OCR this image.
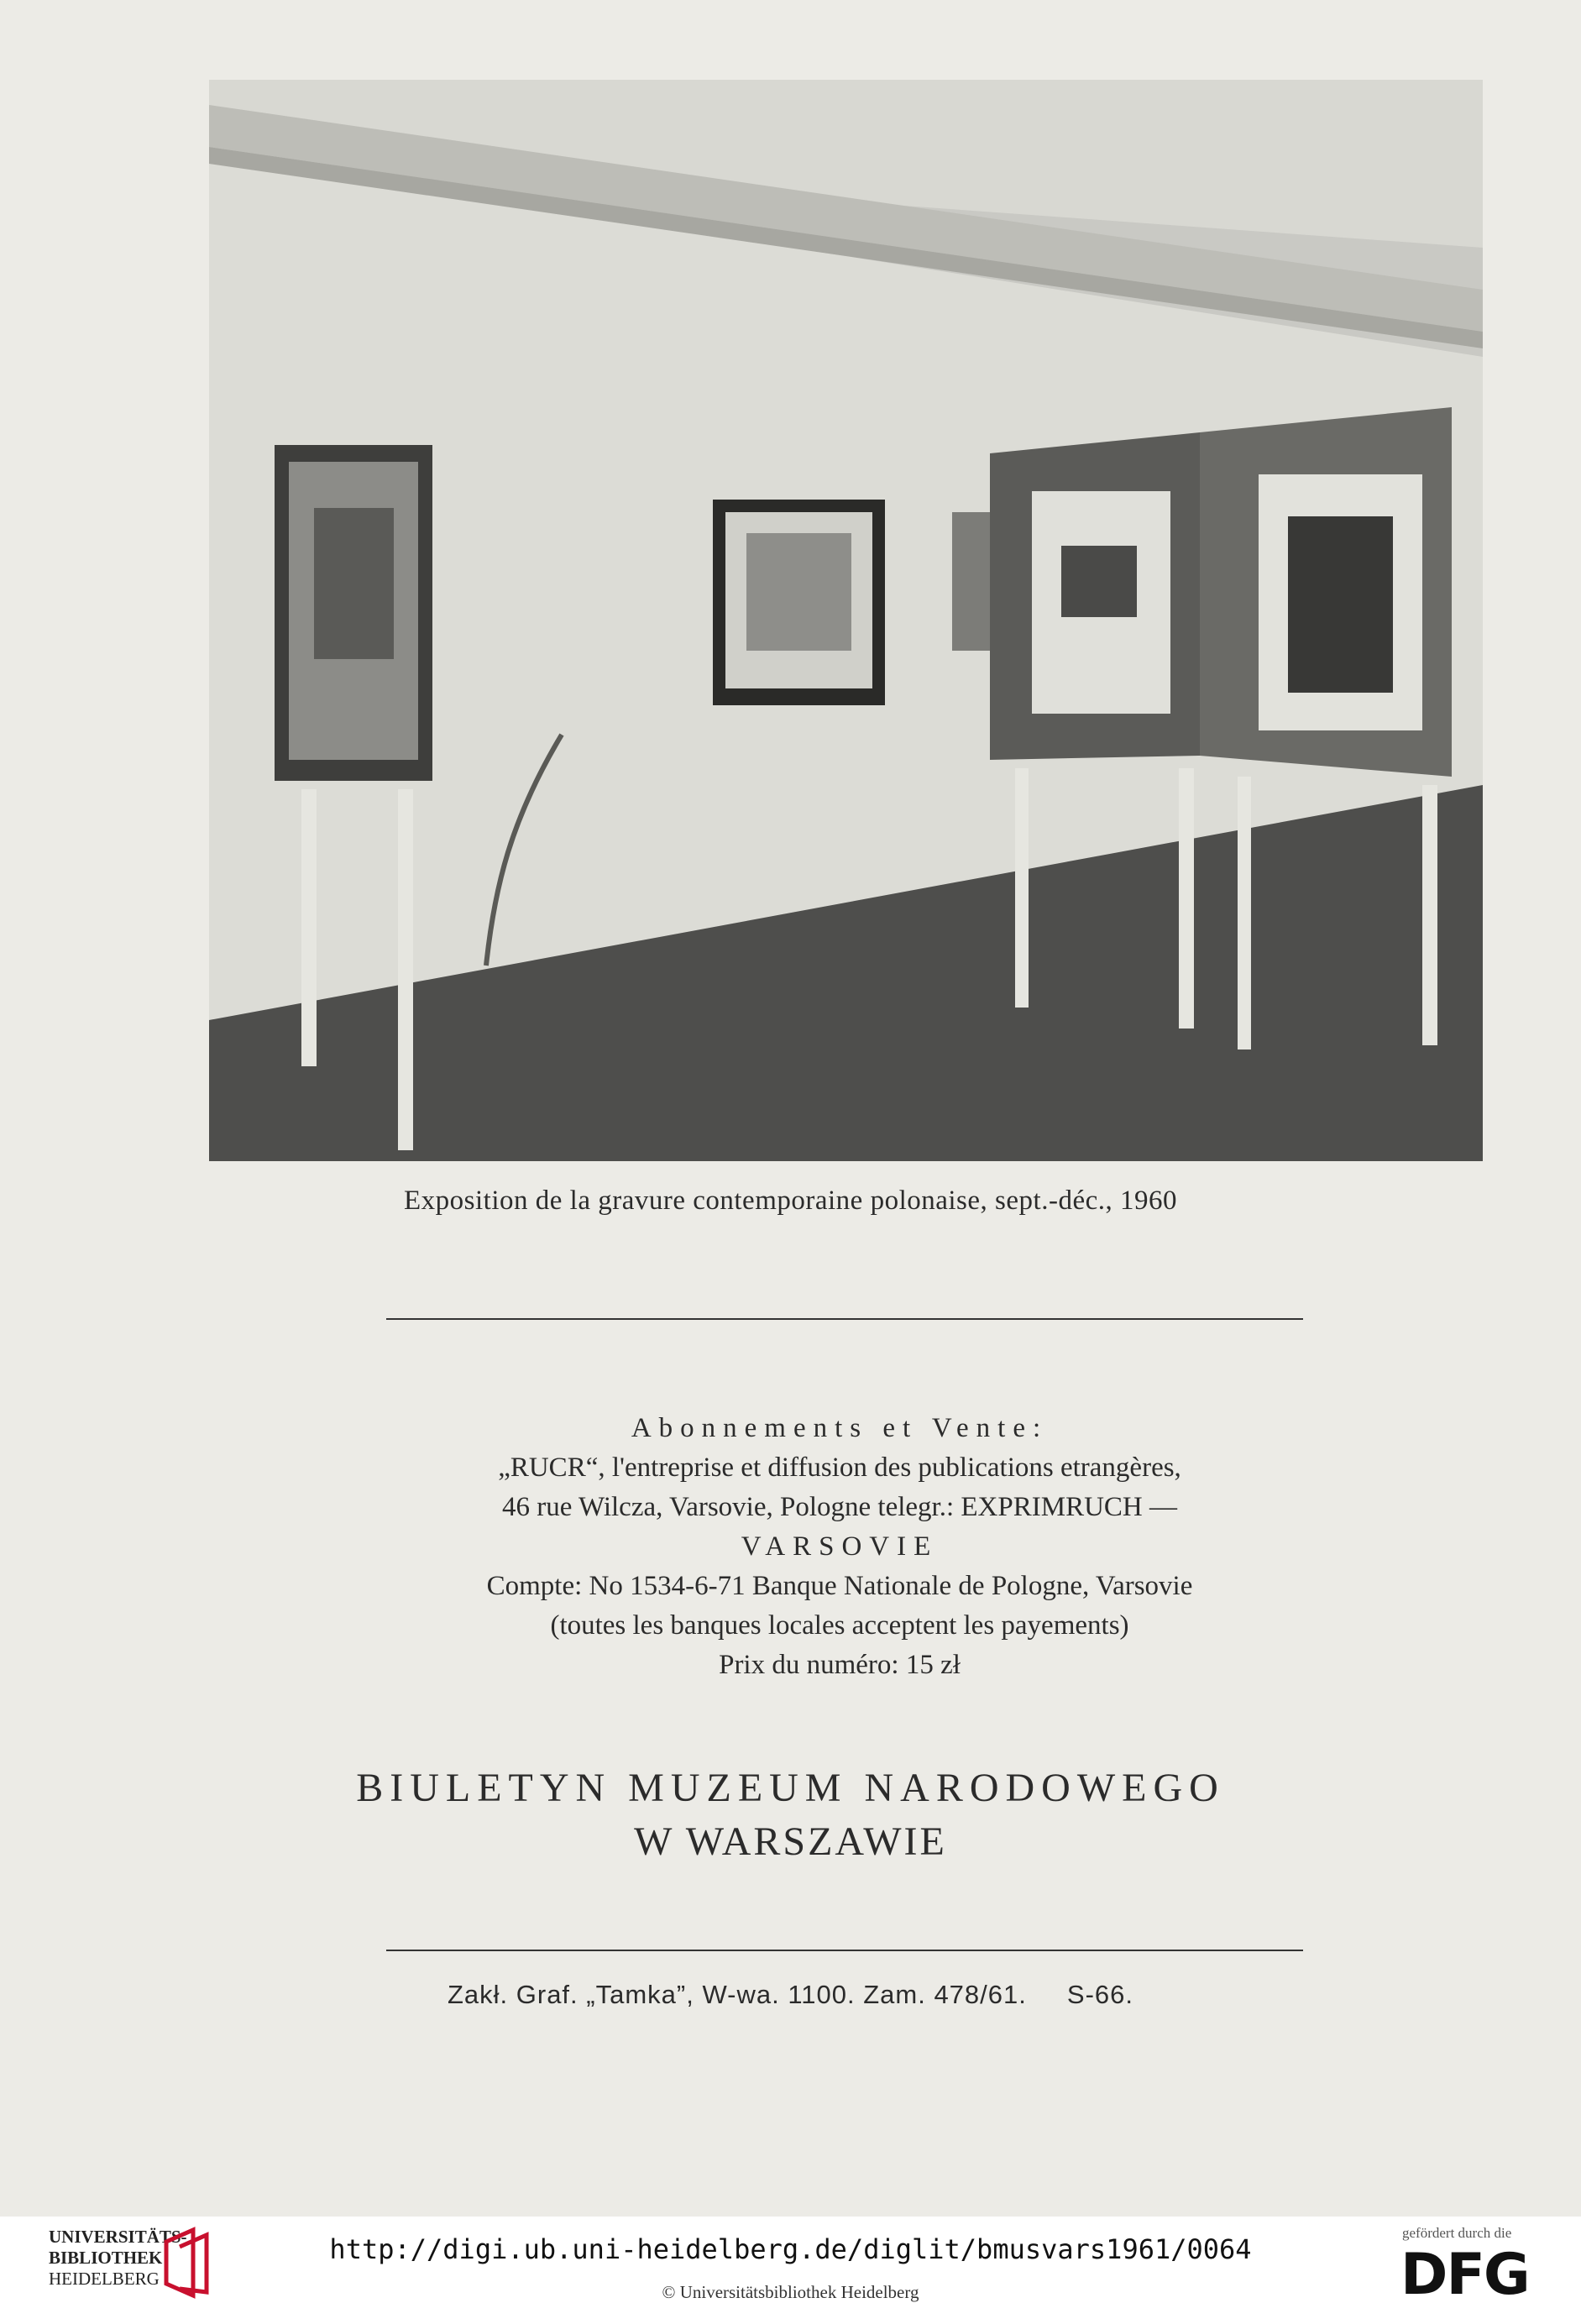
Exposition de la gravure contemporaine polonaise, sept.-déc., 1960
Abonnements et Vente:
„RUCR“, l'entreprise et diffusion des publications etrangères,
46 rue Wilcza, Varsovie, Pologne telegr.: EXPRIMRUCH —
VARSOVIE
Compte: No 1534-6-71 Banque Nationale de Pologne, Varsovie
(toutes les banques locales acceptent les payements)
Prix du numéro: 15 zł
BIULETYN MUZEUM NARODOWEGO
W WARSZAWIE
Zakł. Graf. „Tamka”, W-wa. 1100. Zam. 478/61.     S-66.
UNIVERSITÄTS-
BIBLIOTHEK
HEIDELBERG
http://digi.ub.uni-heidelberg.de/diglit/bmusvars1961/0064
© Universitätsbibliothek Heidelberg
gefördert durch die
DFG
